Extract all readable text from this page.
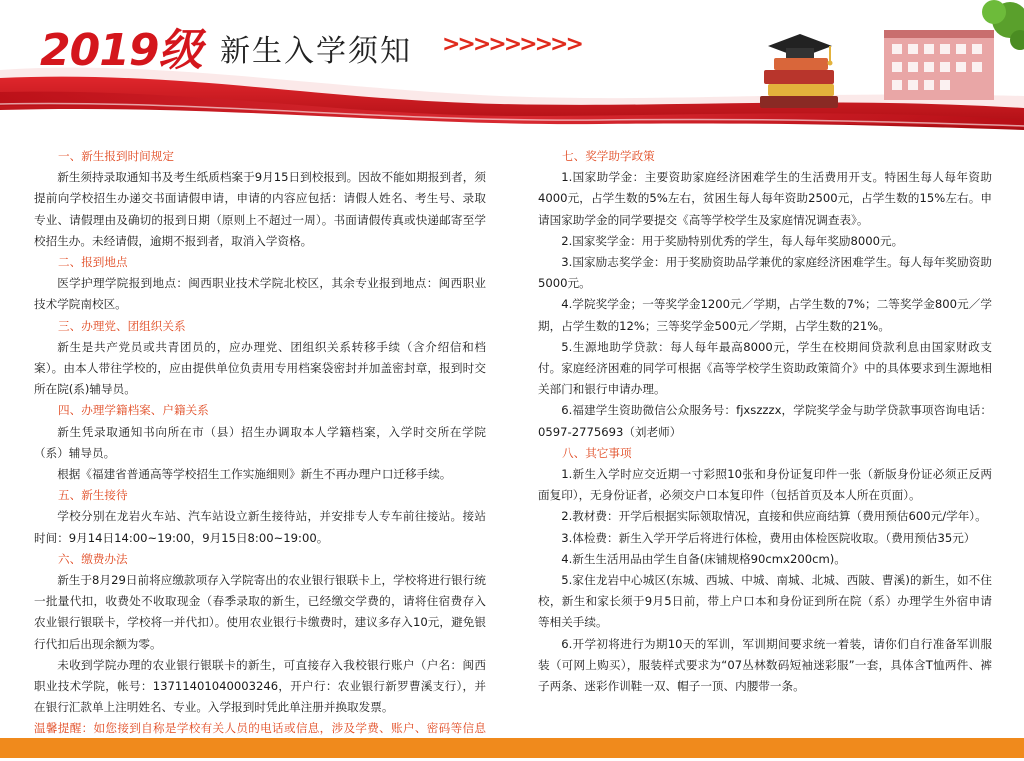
2019级 新生入学须知 >>>>>>>>>
一、新生报到时间规定
新生须持录取通知书及考生纸质档案于9月15日到校报到。因故不能如期报到者，须提前向学校招生办递交书面请假申请，申请的内容应包括：请假人姓名、考生号、录取专业、请假理由及确切的报到日期（原则上不超过一周）。书面请假传真或快递邮寄至学校招生办。未经请假，逾期不报到者，取消入学资格。
二、报到地点
医学护理学院报到地点：闽西职业技术学院北校区，其余专业报到地点：闽西职业技术学院南校区。
三、办理党、团组织关系
新生是共产党员或共青团员的，应办理党、团组织关系转移手续（含介绍信和档案）。由本人带往学校的，应由提供单位负责用专用档案袋密封并加盖密封章，报到时交所在院(系)辅导员。
四、办理学籍档案、户籍关系
新生凭录取通知书向所在市（县）招生办调取本人学籍档案，入学时交所在学院（系）辅导员。
根据《福建省普通高等学校招生工作实施细则》新生不再办理户口迁移手续。
五、新生接待
学校分别在龙岩火车站、汽车站设立新生接待站，并安排专人专车前往接站。接站时间：9月14日14:00~19:00，9月15日8:00~19:00。
六、缴费办法
新生于8月29日前将应缴款项存入学院寄出的农业银行银联卡上，学校将进行银行统一批量代扣，收费处不收取现金（春季录取的新生，已经缴交学费的，请将住宿费存入农业银行银联卡，学校将一并代扣）。使用农业银行卡缴费时，建议多存入10元，避免银行代扣后出现余额为零。
未收到学院办理的农业银行银联卡的新生，可直接存入我校银行账户（户名：闽西职业技术学院，帐号：13711401040003246，开户行：农业银行新罗曹溪支行），并在银行汇款单上注明姓名、专业。入学报到时凭此单注册并换取发票。
温馨提醒：如您接到自称是学校有关人员的电话或信息，涉及学费、账户、密码等信息
七、奖学助学政策
1.国家助学金：主要资助家庭经济困难学生的生活费用开支。特困生每人每年资助4000元，占学生数的5%左右，贫困生每人每年资助2500元，占学生数的15%左右。申请国家助学金的同学要提交《高等学校学生及家庭情况调查表》。
2.国家奖学金：用于奖励特别优秀的学生，每人每年奖励8000元。
3.国家励志奖学金：用于奖励资助品学兼优的家庭经济困难学生。每人每年奖励资助5000元。
4.学院奖学金；一等奖学金1200元／学期，占学生数的7%；二等奖学金800元／学期，占学生数的12%；三等奖学金500元／学期，占学生数的21%。
5.生源地助学贷款：每人每年最高8000元，学生在校期间贷款利息由国家财政支付。家庭经济困难的同学可根据《高等学校学生资助政策简介》中的具体要求到生源地相关部门和银行申请办理。
6.福建学生资助微信公众服务号：fjxszzzx，学院奖学金与助学贷款事项咨询电话：0597-2775693（刘老师）
八、其它事项
1.新生入学时应交近期一寸彩照10张和身份证复印件一张（新版身份证必须正反两面复印），无身份证者，必须交户口本复印件（包括首页及本人所在页面）。
2.教材费：开学后根据实际领取情况，直接和供应商结算（费用预估600元/学年）。
3.体检费：新生入学开学后将进行体检，费用由体检医院收取。（费用预估35元）
4.新生生活用品由学生自备(床铺规格90cmx200cm)。
5.家住龙岩中心城区(东城、西城、中城、南城、北城、西陂、曹溪)的新生，如不住校，新生和家长须于9月5日前，带上户口本和身份证到所在院（系）办理学生外宿申请等相关手续。
6.开学初将进行为期10天的军训，军训期间要求统一着装，请你们自行准备军训服装（可网上购买），服装样式要求为“07丛林数码短袖迷彩服”一套，具体含T恤两件、裤子两条、迷彩作训鞋一双、帽子一顶、内腰带一条。
